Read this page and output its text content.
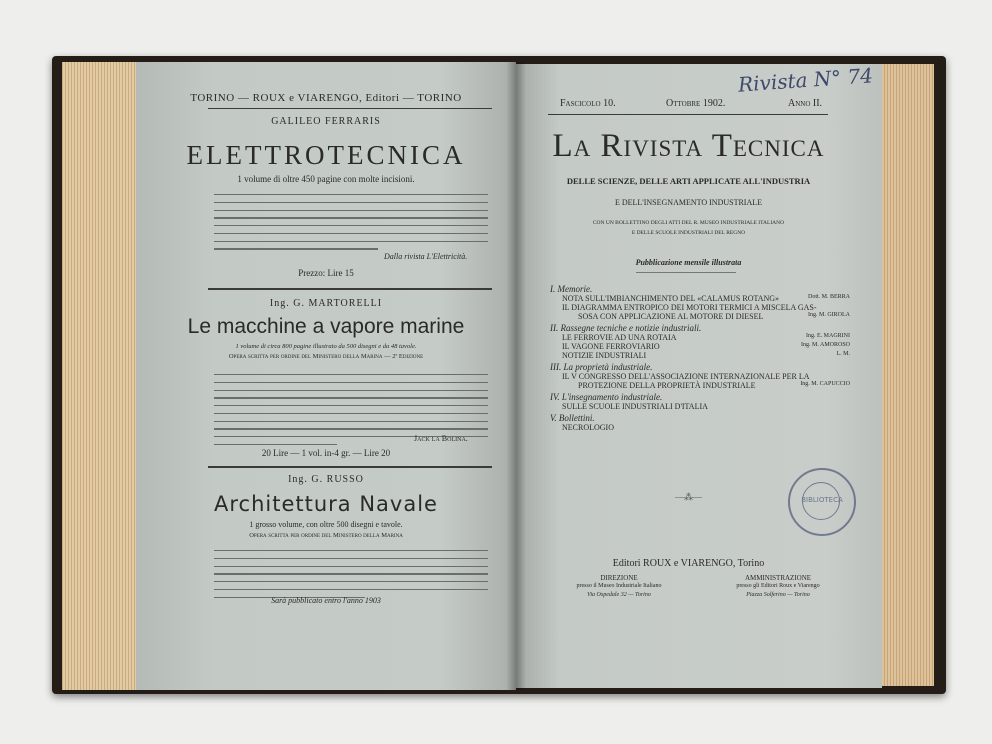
TORINO — ROUX e VIARENGO, Editori — TORINO
GALILEO FERRARIS
ELETTROTECNICA
1 volume di oltre 450 pagine con molte incisioni.
Dalla rivista L'Elettricità.
Prezzo: Lire 15
Ing. G. MARTORELLI
Le macchine a vapore marine
1 volume di circa 800 pagine illustrato da 500 disegni e da 48 tavole.
Opera scritta per ordine del Ministero della Marina — 2ª Edizione
Jack la Bolina.
20 Lire — 1 vol. in-4 gr. — Lire 20
Ing. G. RUSSO
Architettura Navale
1 grosso volume, con oltre 500 disegni e tavole.
Opera scritta per ordine del Ministero della Marina
Sarà pubblicato entro l'anno 1903
Rivista N° 74
Fascicolo 10.	Ottobre 1902.	Anno II.
La Rivista Tecnica
DELLE SCIENZE, DELLE ARTI APPLICATE ALL'INDUSTRIA
E DELL'INSEGNAMENTO INDUSTRIALE
CON UN BOLLETTINO DEGLI ATTI DEL R. MUSEO INDUSTRIALE ITALIANO
E DELLE SCUOLE INDUSTRIALI DEL REGNO
Pubblicazione mensile illustrata
I. Memorie.
NOTA SULL'IMBIANCHIMENTO DEL «CALAMUS ROTANG»	Dott. M. BERRA
IL DIAGRAMMA ENTROPICO DEI MOTORI TERMICI A MISCELA GAS-
SOSA CON APPLICAZIONE AL MOTORE DI DIESEL	Ing. M. GIROLA
II. Rassegne tecniche e notizie industriali.
LE FERROVIE AD UNA ROTAIA	Ing. E. MAGRINI
IL VAGONE FERROVIARIO	Ing. M. AMOROSO
NOTIZIE INDUSTRIALI	L. M.
III. La proprietà industriale.
IL V CONGRESSO DELL'ASSOCIAZIONE INTERNAZIONALE PER LA
PROTEZIONE DELLA PROPRIETÀ INDUSTRIALE	Ing. M. CAPUCCIO
IV. L'insegnamento industriale.
SULLE SCUOLE INDUSTRIALI D'ITALIA
V. Bollettini.
NECROLOGIO
—⁂—	BIBLIOTECA
Editori ROUX e VIARENGO, Torino
DIREZIONE
presso il Museo Industriale Italiano
Via Ospedale 32 — Torino
AMMINISTRAZIONE
presso gli Editori Roux e Viarengo
Piazza Solferino — Torino
